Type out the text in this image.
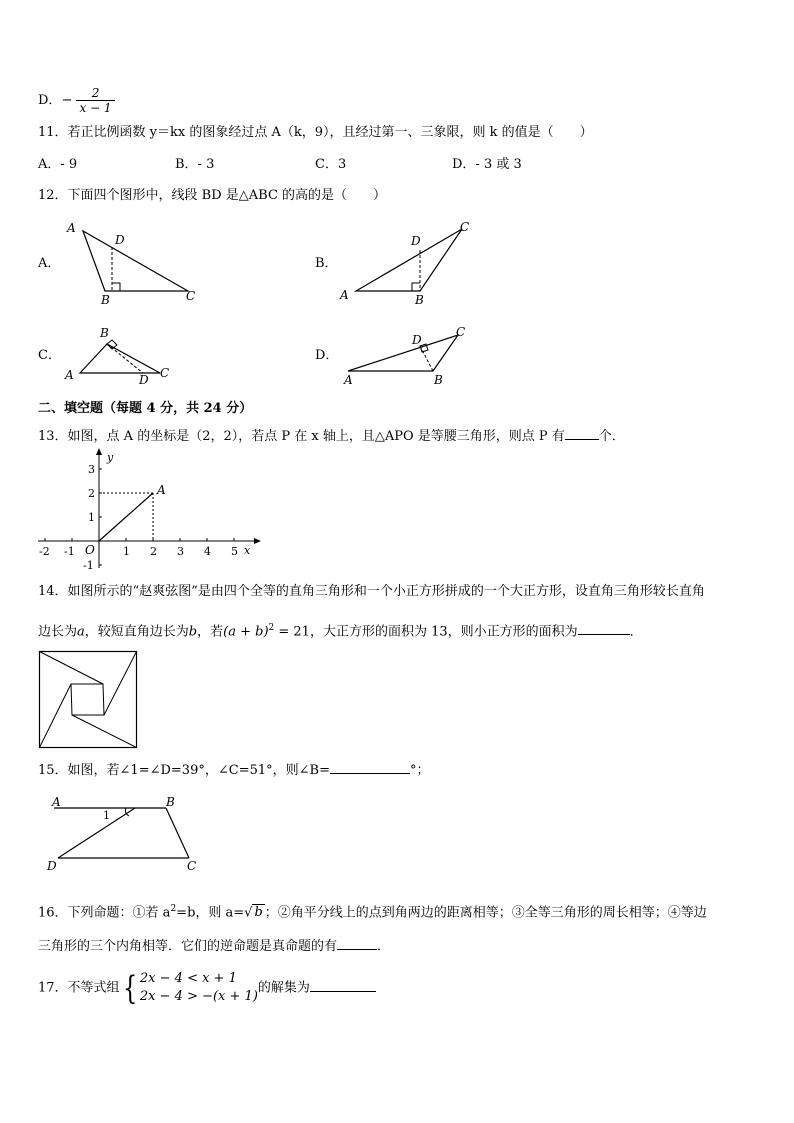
D．− $\frac{2}{x - 1}$
11．若正比例函数 y＝kx 的图象经过点 A（k，9），且经过第一、三象限，则 k 的值是（　　）
A．- 9	B．- 3	C．3	D．- 3 或 3
12．下面四个图形中，线段 BD 是△ABC 的高的是（　　）
A．
A
D
B	C
B．
A
D
B
C
C．
A
B
C
D
D．
A
D
B
C
二、填空题（每题 4 分，共 24 分）
13．如图，点 A 的坐标是（2，2），若点 P 在 x 轴上，且△APO 是等腰三角形，则点 P 有	个．
-2 -1 O	1 2 3 4 5
3
2
1
-1
x
y
A
14．如图所示的“赵爽弦图”是由四个全等的直角三角形和一个小正方形拼成的一个大正方形，设直角三角形较长直角
边长为a，较短直角边长为b，若$(a + b)^2 = 21$，大正方形的面积为 13，则小正方形的面积为	．
15．如图，若∠1=∠D=39°，∠C=51°，则∠B=	°；
A	B
C
D
1
16．下列命题：①若 $a^2=b$，则 a=√ b ；②角平分线上的点到角两边的距离相等；③全等三角形的周长相等；④等边
三角形的三个内角相等．它们的逆命题是真命题的有	．
17．不等式组{ 2x − 4 < x + 1
2x − 4 > −(x + 1)
的解集为
